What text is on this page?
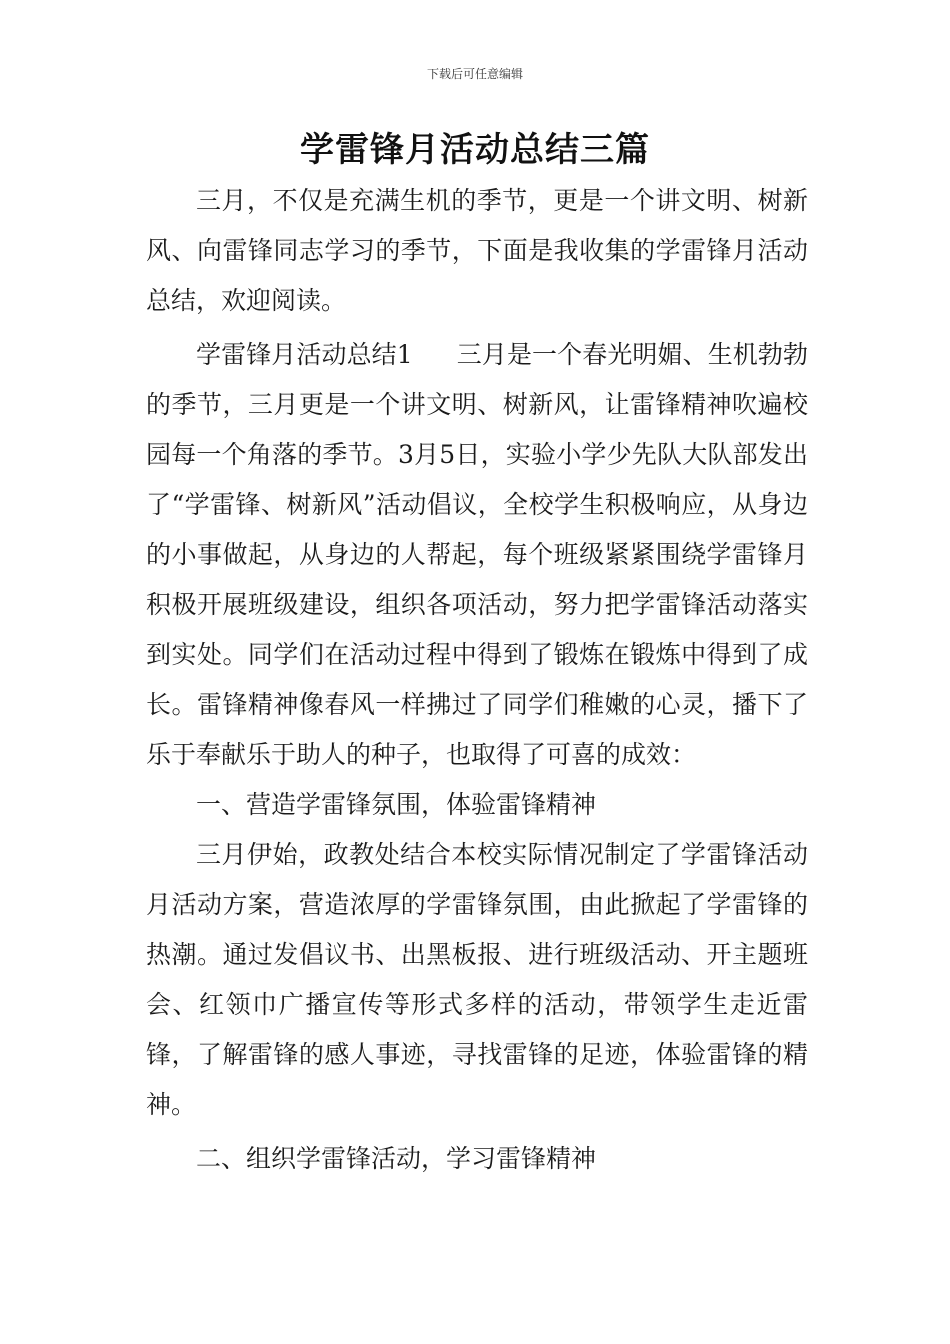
下载后可任意编辑
学雷锋月活动总结三篇

三月，不仅是充满生机的季节，更是一个讲文明、树新风、向雷锋同志学习的季节，下面是我收集的学雷锋月活动总结，欢迎阅读。

学雷锋月活动总结1 三月是一个春光明媚、生机勃勃的季节，三月更是一个讲文明、树新风，让雷锋精神吹遍校园每一个角落的季节。3月5日，实验小学少先队大队部发出了“学雷锋、树新风”活动倡议，全校学生积极响应，从身边的小事做起，从身边的人帮起，每个班级紧紧围绕学雷锋月积极开展班级建设，组织各项活动，努力把学雷锋活动落实到实处。同学们在活动过程中得到了锻炼在锻炼中得到了成长。雷锋精神像春风一样拂过了同学们稚嫩的心灵，播下了乐于奉献乐于助人的种子，也取得了可喜的成效：

一、营造学雷锋氛围，体验雷锋精神

三月伊始，政教处结合本校实际情况制定了学雷锋活动月活动方案，营造浓厚的学雷锋氛围，由此掀起了学雷锋的热潮。通过发倡议书、出黑板报、进行班级活动、开主题班会、红领巾广播宣传等形式多样的活动，带领学生走近雷锋，了解雷锋的感人事迹，寻找雷锋的足迹，体验雷锋的精神。

二、组织学雷锋活动，学习雷锋精神
